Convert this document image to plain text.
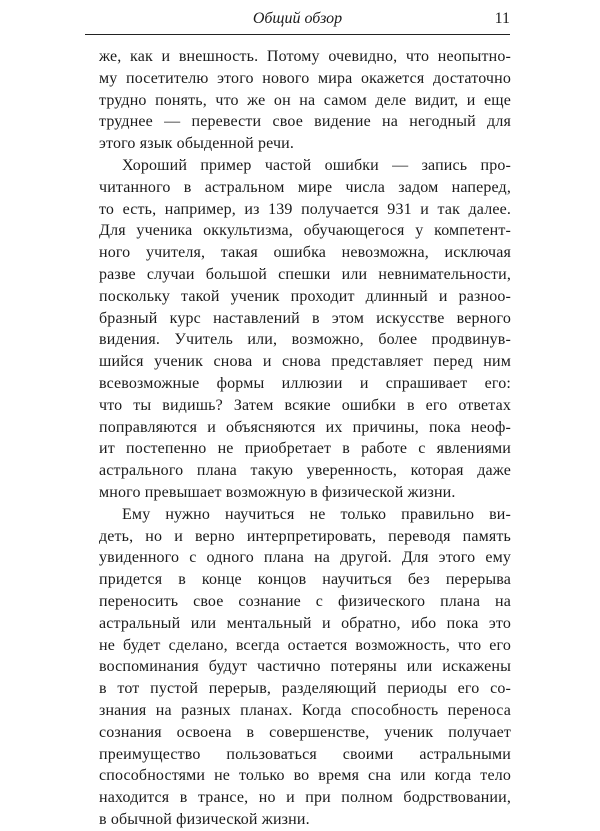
Общий обзор	11
же, как и внешность. Потому очевидно, что неопытно-
му посетителю этого нового мира окажется достаточно
трудно понять, что же он на самом деле видит, и еще
труднее — перевести свое видение на негодный для
этого язык обыденной речи.
Хороший пример частой ошибки — запись про-
читанного в астральном мире числа задом наперед,
то есть, например, из 139 получается 931 и так далее.
Для ученика оккультизма, обучающегося у компетент-
ного учителя, такая ошибка невозможна, исключая
разве случаи большой спешки или невнимательности,
поскольку такой ученик проходит длинный и разноо-
бразный курс наставлений в этом искусстве верного
видения. Учитель или, возможно, более продвинув-
шийся ученик снова и снова представляет перед ним
всевозможные формы иллюзии и спрашивает его:
что ты видишь? Затем всякие ошибки в его ответах
поправляются и объясняются их причины, пока неоф-
ит постепенно не приобретает в работе с явлениями
астрального плана такую уверенность, которая даже
много превышает возможную в физической жизни.
Ему нужно научиться не только правильно ви-
деть, но и верно интерпретировать, переводя память
увиденного с одного плана на другой. Для этого ему
придется в конце концов научиться без перерыва
переносить свое сознание с физического плана на
астральный или ментальный и обратно, ибо пока это
не будет сделано, всегда остается возможность, что его
воспоминания будут частично потеряны или искажены
в тот пустой перерыв, разделяющий периоды его со-
знания на разных планах. Когда способность переноса
сознания освоена в совершенстве, ученик получает
преимущество пользоваться своими астральными
способностями не только во время сна или когда тело
находится в трансе, но и при полном бодрствовании,
в обычной физической жизни.
